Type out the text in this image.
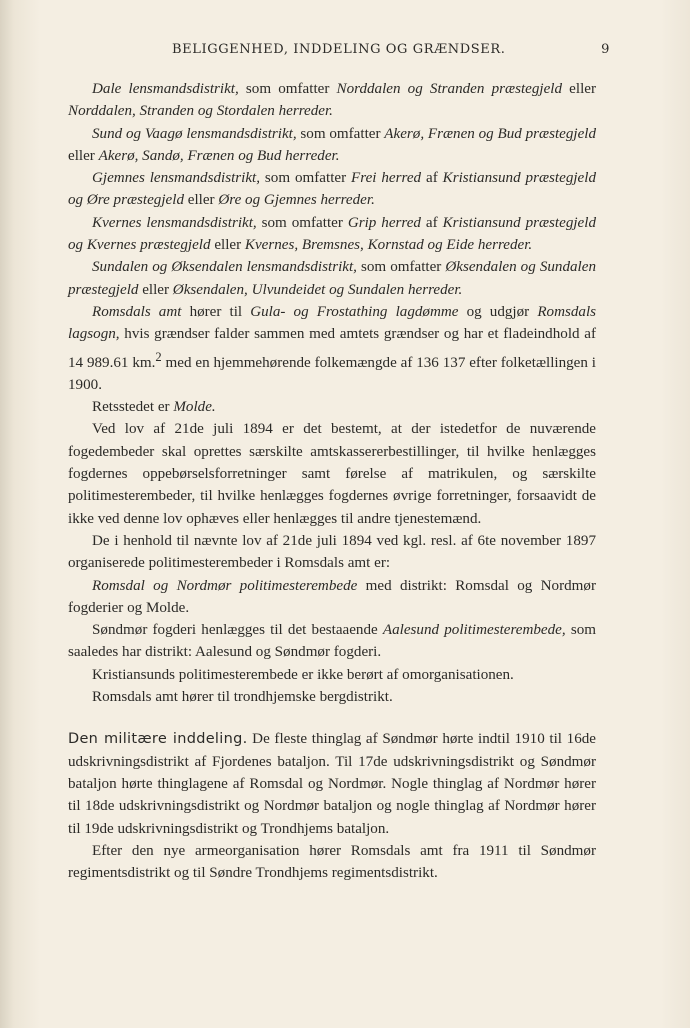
BELIGGENHED, INDDELING OG GRÆNDSER.	9

Dale lensmandsdistrikt, som omfatter Norddalen og Stranden præstegjeld eller Norddalen, Stranden og Stordalen herreder.

Sund og Vaagø lensmandsdistrikt, som omfatter Akerø, Frænen og Bud præstegjeld eller Akerø, Sandø, Frænen og Bud herreder.

Gjemnes lensmandsdistrikt, som omfatter Frei herred af Kristiansund præstegjeld og Øre præstegjeld eller Øre og Gjemnes herreder.

Kvernes lensmandsdistrikt, som omfatter Grip herred af Kristiansund præstegjeld og Kvernes præstegjeld eller Kvernes, Bremsnes, Kornstad og Eide herreder.

Sundalen og Øksendalen lensmandsdistrikt, som omfatter Øksendalen og Sundalen præstegjeld eller Øksendalen, Ulvundeidet og Sundalen herreder.

Romsdals amt hører til Gula- og Frostathing lagdømme og udgjør Romsdals lagsogn, hvis grændser falder sammen med amtets grændser og har et fladeindhold af 14 989.61 km.$^2$ med en hjemmehørende folkemængde af 136 137 efter folketællingen i 1900.

Retsstedet er Molde.

Ved lov af 21de juli 1894 er det bestemt, at der istedetfor de nuværende fogedembeder skal oprettes særskilte amtskassererbestillinger, til hvilke henlægges fogdernes oppebørselsforretninger samt førelse af matrikulen, og særskilte politimesterembeder, til hvilke henlægges fogdernes øvrige forretninger, forsaavidt de ikke ved denne lov ophæves eller henlægges til andre tjenestemænd.

De i henhold til nævnte lov af 21de juli 1894 ved kgl. resl. af 6te november 1897 organiserede politimesterembeder i Romsdals amt er:

Romsdal og Nordmør politimesterembede med distrikt: Romsdal og Nordmør fogderier og Molde.

Søndmør fogderi henlægges til det bestaaende Aalesund politimesterembede, som saaledes har distrikt: Aalesund og Søndmør fogderi.

Kristiansunds politimesterembede er ikke berørt af omorganisationen.

Romsdals amt hører til trondhjemske bergdistrikt.

Den militære inddeling. De fleste thinglag af Søndmør hørte indtil 1910 til 16de udskrivningsdistrikt af Fjordenes bataljon. Til 17de udskrivningsdistrikt og Søndmør bataljon hørte thinglagene af Romsdal og Nordmør. Nogle thinglag af Nordmør hører til 18de udskrivningsdistrikt og Nordmør bataljon og nogle thinglag af Nordmør hører til 19de udskrivningsdistrikt og Trondhjems bataljon.

Efter den nye armeorganisation hører Romsdals amt fra 1911 til Søndmør regimentsdistrikt og til Søndre Trondhjems regimentsdistrikt.
